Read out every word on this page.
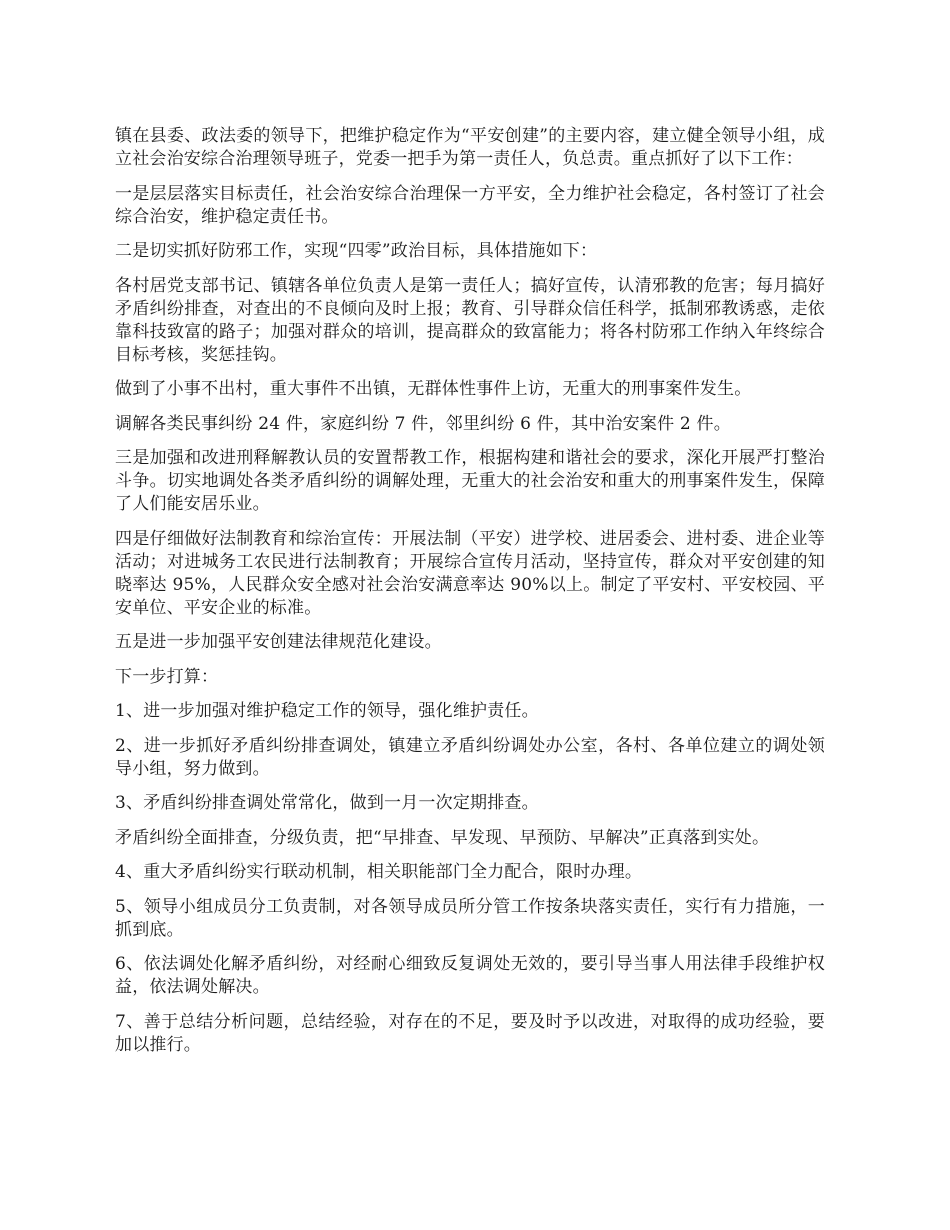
镇在县委、政法委的领导下，把维护稳定作为“平安创建”的主要内容，建立健全领导小组，成立社会治安综合治理领导班子，党委一把手为第一责任人，负总责。重点抓好了以下工作：

一是层层落实目标责任，社会治安综合治理保一方平安，全力维护社会稳定，各村签订了社会综合治安，维护稳定责任书。

二是切实抓好防邪工作，实现“四零”政治目标，具体措施如下：

各村居党支部书记、镇辖各单位负责人是第一责任人；搞好宣传，认清邪教的危害；每月搞好矛盾纠纷排查，对查出的不良倾向及时上报；教育、引导群众信任科学，抵制邪教诱惑，走依靠科技致富的路子；加强对群众的培训，提高群众的致富能力；将各村防邪工作纳入年终综合目标考核，奖惩挂钩。

做到了小事不出村，重大事件不出镇，无群体性事件上访，无重大的刑事案件发生。

调解各类民事纠纷 24 件，家庭纠纷 7 件，邻里纠纷 6 件，其中治安案件 2 件。

三是加强和改进刑释解教认员的安置帮教工作，根据构建和谐社会的要求，深化开展严打整治斗争。切实地调处各类矛盾纠纷的调解处理，无重大的社会治安和重大的刑事案件发生，保障了人们能安居乐业。

四是仔细做好法制教育和综治宣传：开展法制（平安）进学校、进居委会、进村委、进企业等活动；对进城务工农民进行法制教育；开展综合宣传月活动，坚持宣传，群众对平安创建的知晓率达 95%，人民群众安全感对社会治安满意率达 90%以上。制定了平安村、平安校园、平安单位、平安企业的标准。

五是进一步加强平安创建法律规范化建设。

下一步打算：

1、进一步加强对维护稳定工作的领导，强化维护责任。

2、进一步抓好矛盾纠纷排查调处，镇建立矛盾纠纷调处办公室，各村、各单位建立的调处领导小组，努力做到。

3、矛盾纠纷排查调处常常化，做到一月一次定期排查。

矛盾纠纷全面排查，分级负责，把“早排查、早发现、早预防、早解决”正真落到实处。

4、重大矛盾纠纷实行联动机制，相关职能部门全力配合，限时办理。

5、领导小组成员分工负责制，对各领导成员所分管工作按条块落实责任，实行有力措施，一抓到底。

6、依法调处化解矛盾纠纷，对经耐心细致反复调处无效的，要引导当事人用法律手段维护权益，依法调处解决。

7、善于总结分析问题，总结经验，对存在的不足，要及时予以改进，对取得的成功经验，要加以推行。
